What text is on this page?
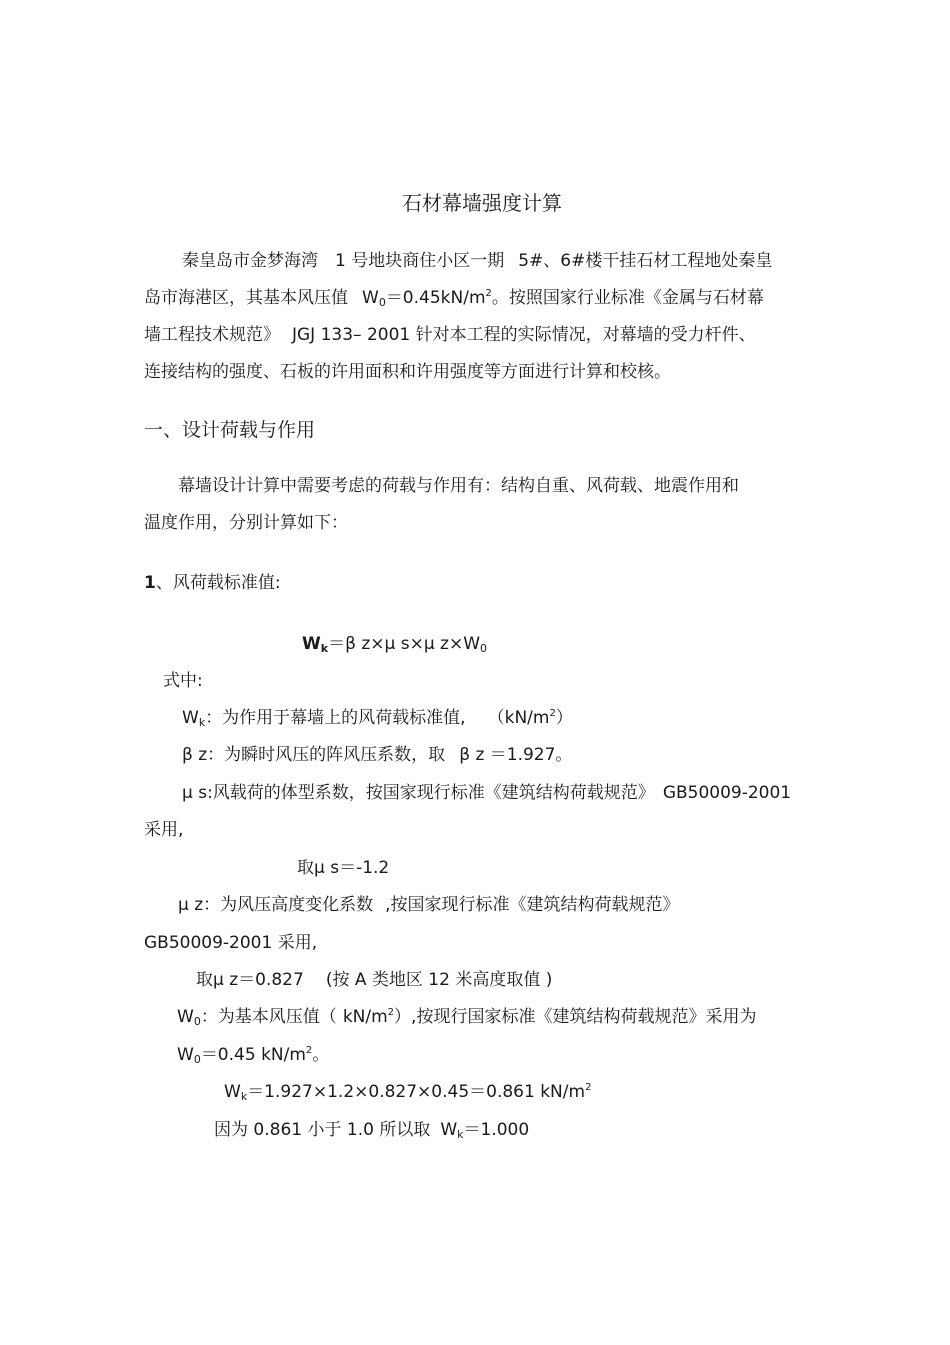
石材幕墙强度计算
秦皇岛市金梦海湾 1 号地块商住小区一期 5#、6#楼干挂石材工程地处秦皇
岛市海港区，其基本风压值 $W_0=0.45kN/m^2$。按照国家行业标准《金属与石材幕
墙工程技术规范》 JGJ 133– 2001 针对本工程的实际情况，对幕墙的受力杆件、
连接结构的强度、石板的许用面积和许用强度等方面进行计算和校核。
一、设计荷载与作用
幕墙设计计算中需要考虑的荷载与作用有：结构自重、风荷载、地震作用和
温度作用，分别计算如下：
1、风荷载标准值:
$W_k=\beta$ z×μ s×μ $z\times W_0$
式中:
$W_k$：为作用于幕墙上的风荷载标准值, $(kN/m^2)$
β z：为瞬时风压的阵风压系数，取 β z ＝1.927。
μ s:风载荷的体型系数，按国家现行标准《建筑结构荷载规范》 GB50009-2001
采用,
取μ s＝-1.2
μ z：为风压高度变化系数 ,按国家现行标准《建筑结构荷载规范》
GB50009-2001 采用,
取μ z＝0.827 (按 A 类地区 12 米高度取值 )
$W_0$：为基本风压值（ $kN/m^2$）,按现行国家标准《建筑结构荷载规范》采用为
$W_0=0.45$ $kN/m^2$。
$W_k=1.927\times 1.2\times 0.827\times 0.45=0.861$ $kN/m^2$
因为 0.861 小于 1.0 所以取 $W_k=1.000$
